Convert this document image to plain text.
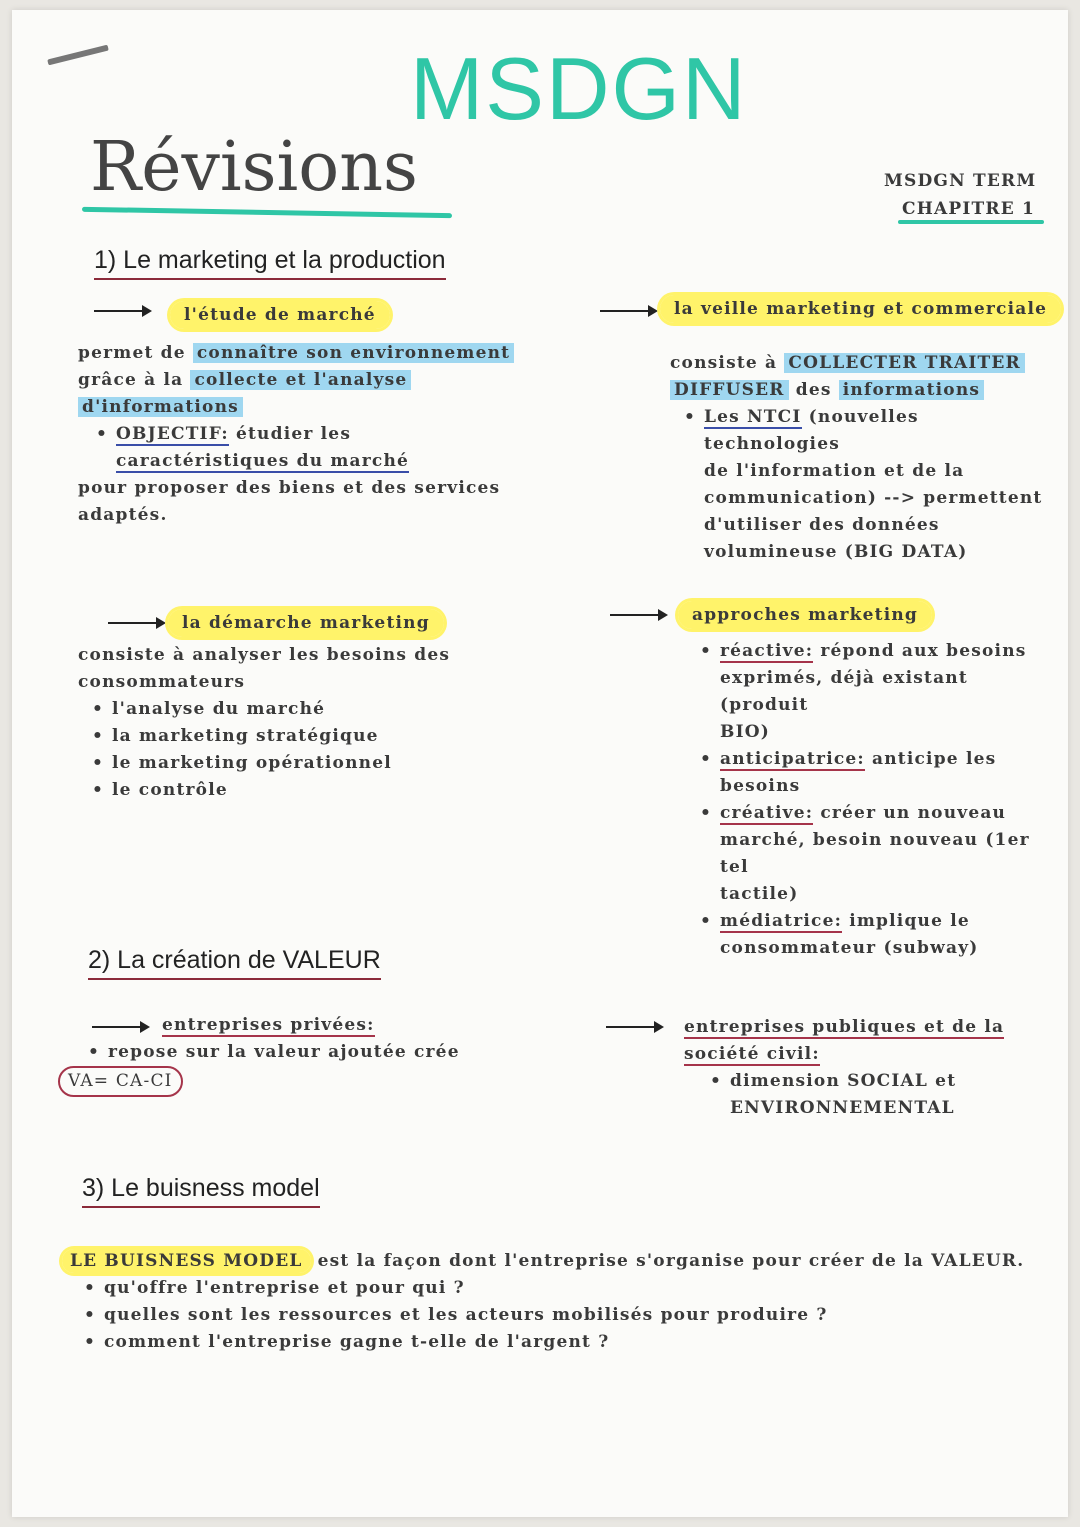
MSDGN
Révisions	MSDGN TERM
CHAPITRE 1
1) Le marketing et la production
l'étude de marché
permet de connaître son environnement
grâce à la collecte et l'analyse
d'informations
• OBJECTIF: étudier les
caractéristiques du marché
pour proposer des biens et des services
adaptés.
la veille marketing et commerciale
consiste à COLLECTER TRAITER
DIFFUSER des informations
• Les NTCI (nouvelles technologies
de l'information et de la
communication) --> permettent
d'utiliser des données
volumineuse (BIG DATA)
la démarche marketing
consiste à analyser les besoins des
consommateurs
• l'analyse du marché
• la marketing stratégique
• le marketing opérationnel
• le contrôle
approches marketing
• réactive: répond aux besoins
exprimés, déjà existant (produit
BIO)
• anticipatrice: anticipe les
besoins
• créative: créer un nouveau
marché, besoin nouveau (1er tel
tactile)
• médiatrice: implique le
consommateur (subway)
2) La création de VALEUR
entreprises privées:
• repose sur la valeur ajoutée crée
VA= CA-CI
entreprises publiques et de la
société civil:
• dimension SOCIAL et
ENVIRONNEMENTAL
3) Le buisness model
LE BUISNESS MODEL est la façon dont l'entreprise s'organise pour créer de la VALEUR.
• qu'offre l'entreprise et pour qui ?
• quelles sont les ressources et les acteurs mobilisés pour produire ?
• comment l'entreprise gagne t-elle de l'argent ?
